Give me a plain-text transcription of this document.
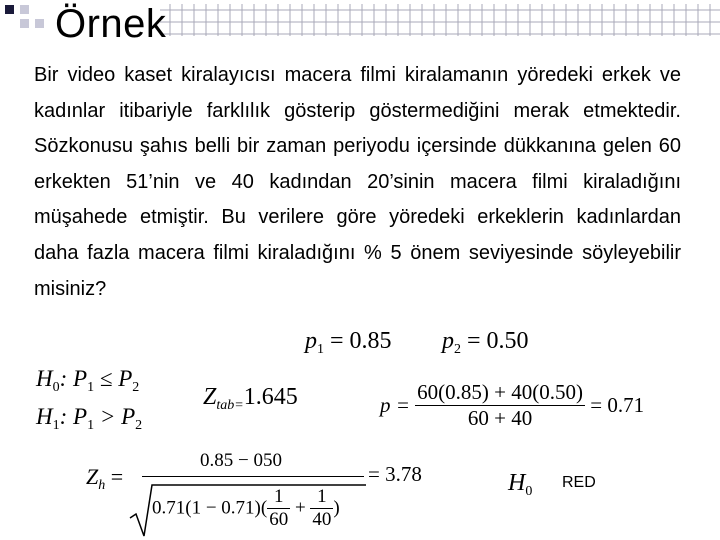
Örnek
Bir video kaset kiralayıcısı macera filmi kiralamanın yöredeki erkek ve kadınlar itibariyle farklılık gösterip göstermediğini merak etmektedir. Sözkonusu şahıs belli bir zaman periyodu içersinde dükkanına gelen 60 erkekten 51’nin ve 40 kadından 20’sinin macera filmi kiraladığını müşahede etmiştir. Bu verilere göre yöredeki erkeklerin kadınlardan daha fazla macera filmi kiraladığını % 5 önem seviyesinde söyleyebilir misiniz?
$p_1 = 0.85$ $p_2 = 0.50$
$H_0$: $P_1 \le P_2$
$H_1$: $P_1 > P_2$
$Z_{tab=}1.645$	$p = \frac{60(0.85) + 40(0.50)}{60 + 40} = 0.71$
$Z_h$ =
0.85 − 050
$0.71(1 - 0.71)( \frac{1}{60} + \frac{1}{40}$ )
= 3.78	$H_0$
RED
